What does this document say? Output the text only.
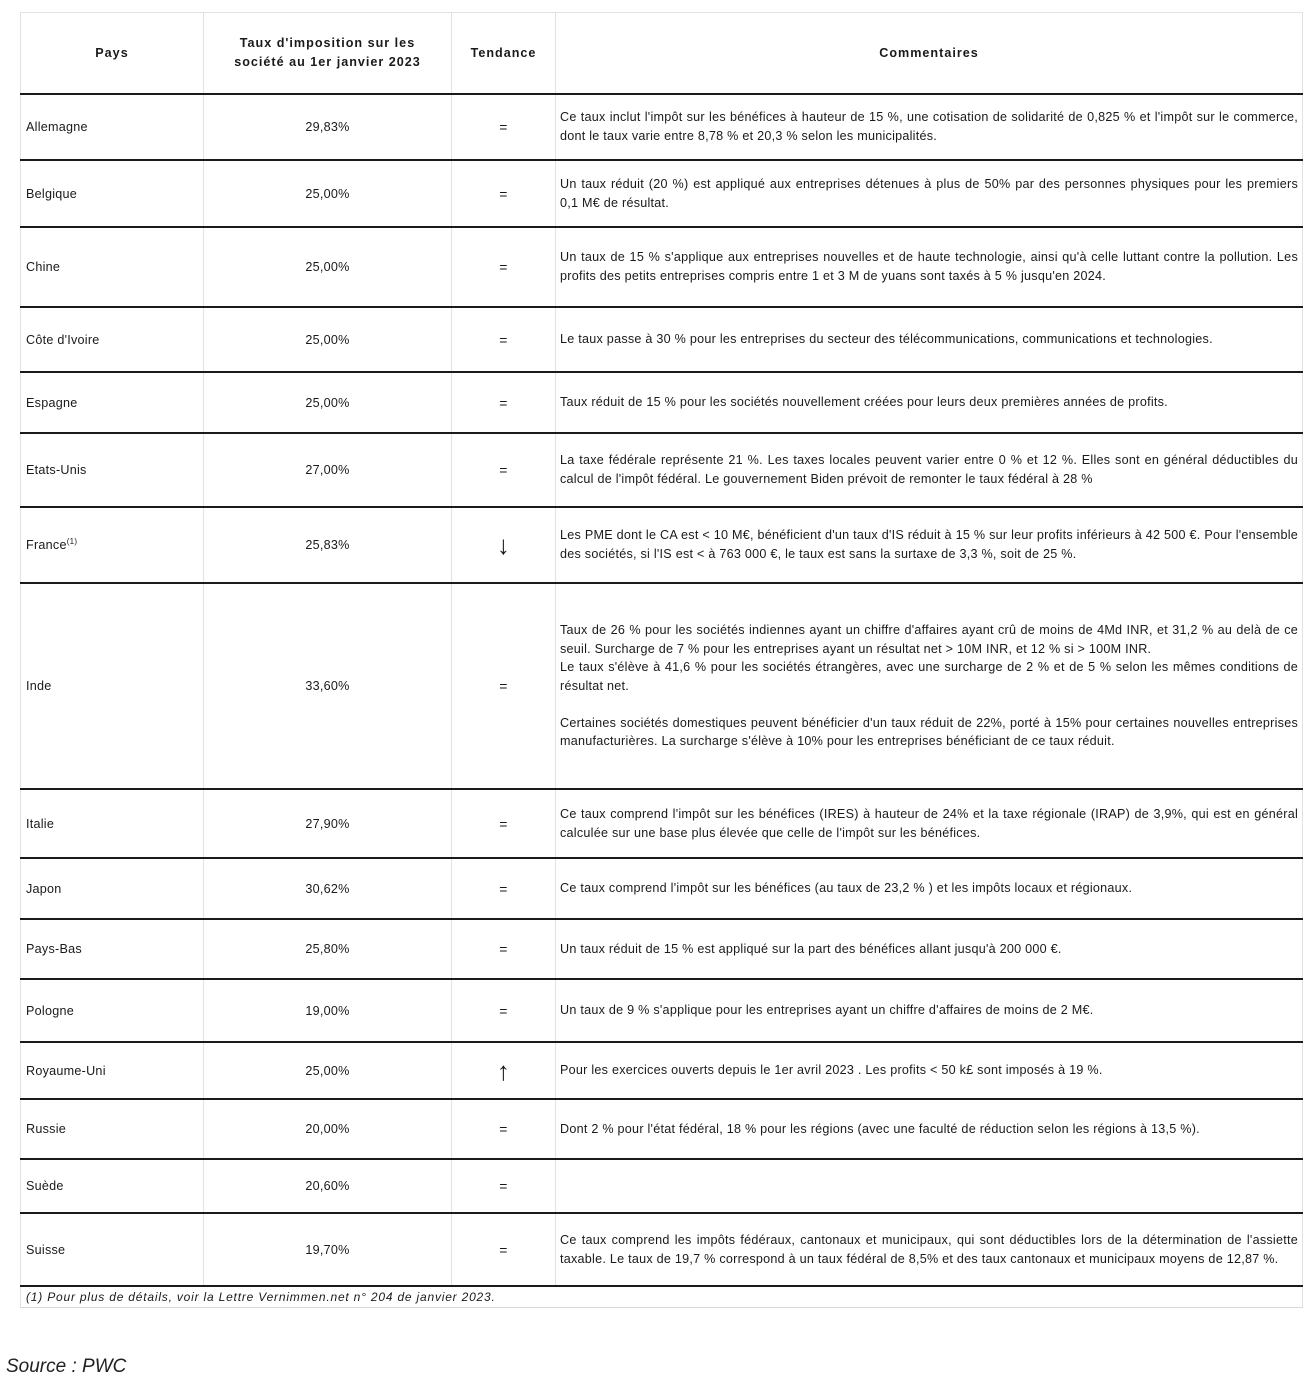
Pays	Taux d'imposition sur les société au 1er janvier 2023	Tendance	Commentaires
Allemagne	29,83%	=	Ce taux inclut l'impôt sur les bénéfices à hauteur de 15 %, une cotisation de solidarité de 0,825 % et l'impôt sur le commerce, dont le taux varie entre 8,78 % et 20,3 % selon les municipalités.
Belgique	25,00%	=	Un taux réduit (20 %) est appliqué aux entreprises détenues à plus de 50% par des personnes physiques pour les premiers 0,1 M€ de résultat.
Chine	25,00%	=	Un taux de 15 % s'applique aux entreprises nouvelles et de haute technologie, ainsi qu'à celle luttant contre la pollution. Les profits des petits entreprises compris entre 1 et 3 M de yuans sont taxés à 5 % jusqu'en 2024.
Côte d'Ivoire	25,00%	=	Le taux passe à 30 % pour les entreprises du secteur des télécommunications, communications et technologies.
Espagne	25,00%	=	Taux réduit de 15 % pour les sociétés nouvellement créées pour leurs deux premières années de profits.
Etats-Unis	27,00%	=	La taxe fédérale représente 21 %. Les taxes locales peuvent varier entre 0 % et 12 %. Elles sont en général déductibles du calcul de l'impôt fédéral. Le gouvernement Biden prévoit de remonter le taux fédéral à 28 %
France$^{(1)}$	25,83%	↓	Les PME dont le CA est < 10 M€, bénéficient d'un taux d'IS réduit à 15 % sur leur profits inférieurs à 42 500 €. Pour l'ensemble des sociétés, si l'IS est < à 763 000 €, le taux est sans la surtaxe de 3,3 %, soit de 25 %.
Inde	33,60%	=	Taux de 26 % pour les sociétés indiennes ayant un chiffre d'affaires ayant crû de moins de 4Md INR, et 31,2 % au delà de ce seuil. Surcharge de 7 % pour les entreprises ayant un résultat net > 10M INR, et 12 % si > 100M INR.
Le taux s'élève à 41,6 % pour les sociétés étrangères, avec une surcharge de 2 % et de 5 % selon les mêmes conditions de résultat net.

Certaines sociétés domestiques peuvent bénéficier d'un taux réduit de 22%, porté à 15% pour certaines nouvelles entreprises manufacturières. La surcharge s'élève à 10% pour les entreprises bénéficiant de ce taux réduit.
Italie	27,90%	=	Ce taux comprend l'impôt sur les bénéfices (IRES) à hauteur de 24% et la taxe régionale (IRAP) de 3,9%, qui est en général calculée sur une base plus élevée que celle de l'impôt sur les bénéfices.
Japon	30,62%	=	Ce taux comprend l'impôt sur les bénéfices (au taux de 23,2 % ) et les impôts locaux et régionaux.
Pays-Bas	25,80%	=	Un taux réduit de 15 % est appliqué sur la part des bénéfices allant jusqu'à 200 000 €.
Pologne	19,00%	=	Un taux de 9 % s'applique pour les entreprises ayant un chiffre d'affaires de moins de 2 M€.
Royaume-Uni	25,00%	↑	Pour les exercices ouverts depuis le 1er avril 2023 . Les profits < 50 k£ sont imposés à 19 %.
Russie	20,00%	=	Dont 2 % pour l'état fédéral, 18 % pour les régions (avec une faculté de réduction selon les régions à 13,5 %).
Suède	20,60%	=	
Suisse	19,70%	=	Ce taux comprend les impôts fédéraux, cantonaux et municipaux, qui sont déductibles lors de la détermination de l'assiette taxable. Le taux de 19,7 % correspond à un taux fédéral de 8,5% et des taux cantonaux et municipaux moyens de 12,87 %.
(1) Pour plus de détails, voir la Lettre Vernimmen.net n° 204 de janvier 2023.			
Source : PWC
